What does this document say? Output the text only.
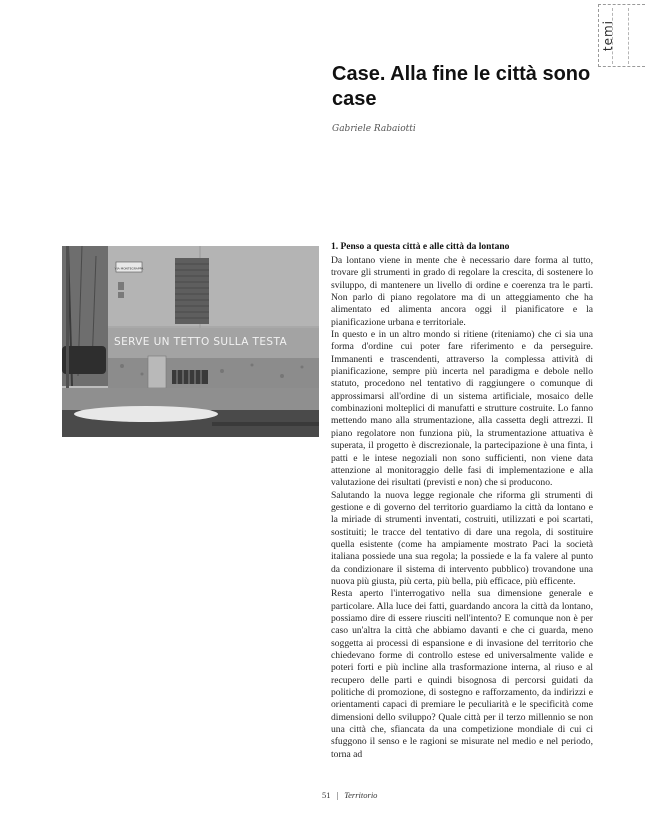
temi
Case. Alla fine le città sono case
Gabriele Rabaiotti
VIA MONTEGRAPPA
SERVE UN TETTO SULLA TESTA
1. Penso a questa città e alle città da lontano

Da lontano viene in mente che è necessario dare forma al tutto, trovare gli strumenti in grado di regolare la crescita, di sostenere lo sviluppo, di mantenere un livello di ordine e coerenza tra le parti. Non parlo di piano regolatore ma di un atteggiamento che ha alimentato ed alimenta ancora oggi il pianificatore e la pianificazione urbana e territoriale.

In questo e in un altro mondo si ritiene (riteniamo) che ci sia una forma d'ordine cui poter fare riferimento e da perseguire. Immanenti e trascendenti, attraverso la complessa attività di pianificazione, sempre più incerta nel paradigma e debole nello statuto, procedono nel tentativo di raggiungere o comunque di approssimarsi all'ordine di un sistema artificiale, mosaico delle combinazioni molteplici di manufatti e strutture costruite. Lo fanno mettendo mano alla strumentazione, alla cassetta degli attrezzi. Il piano regolatore non funziona più, la strumentazione attuativa è superata, il progetto è discrezionale, la partecipazione è una finta, i patti e le intese negoziali non sono sufficienti, non viene data attenzione al monitoraggio delle fasi di implementazione e alla valutazione dei risultati (previsti e non) che si producono.

Salutando la nuova legge regionale che riforma gli strumenti di gestione e di governo del territorio guardiamo la città da lontano e la miriade di strumenti inventati, costruiti, utilizzati e poi scartati, sostituiti; le tracce del tentativo di dare una regola, di sostituire quella esistente (come ha ampiamente mostrato Paci la società italiana possiede una sua regola; la possiede e la fa valere al punto da condizionare il sistema di intervento pubblico) trovandone una nuova più giusta, più certa, più bella, più efficace, più efficente.

Resta aperto l'interrogativo nella sua dimensione generale e particolare. Alla luce dei fatti, guardando ancora la città da lontano, possiamo dire di essere riusciti nell'intento? E comunque non è per caso un'altra la città che abbiamo davanti e che ci guarda, meno soggetta ai processi di espansione e di invasione del territorio che chiedevano forme di controllo estese ed universalmente valide e poteri forti e più incline alla trasformazione interna, al riuso e al recupero delle parti e quindi bisognosa di percorsi guidati da politiche di promozione, di sostegno e rafforzamento, da indirizzi e orientamenti capaci di premiare le peculiarità e le specificità come dimensioni dello sviluppo? Quale città per il terzo millennio se non una città che, sfiancata da una competizione mondiale di cui ci sfuggono il senso e le ragioni se misurate nel medio e nel periodo, torna ad

51 | Territorio
